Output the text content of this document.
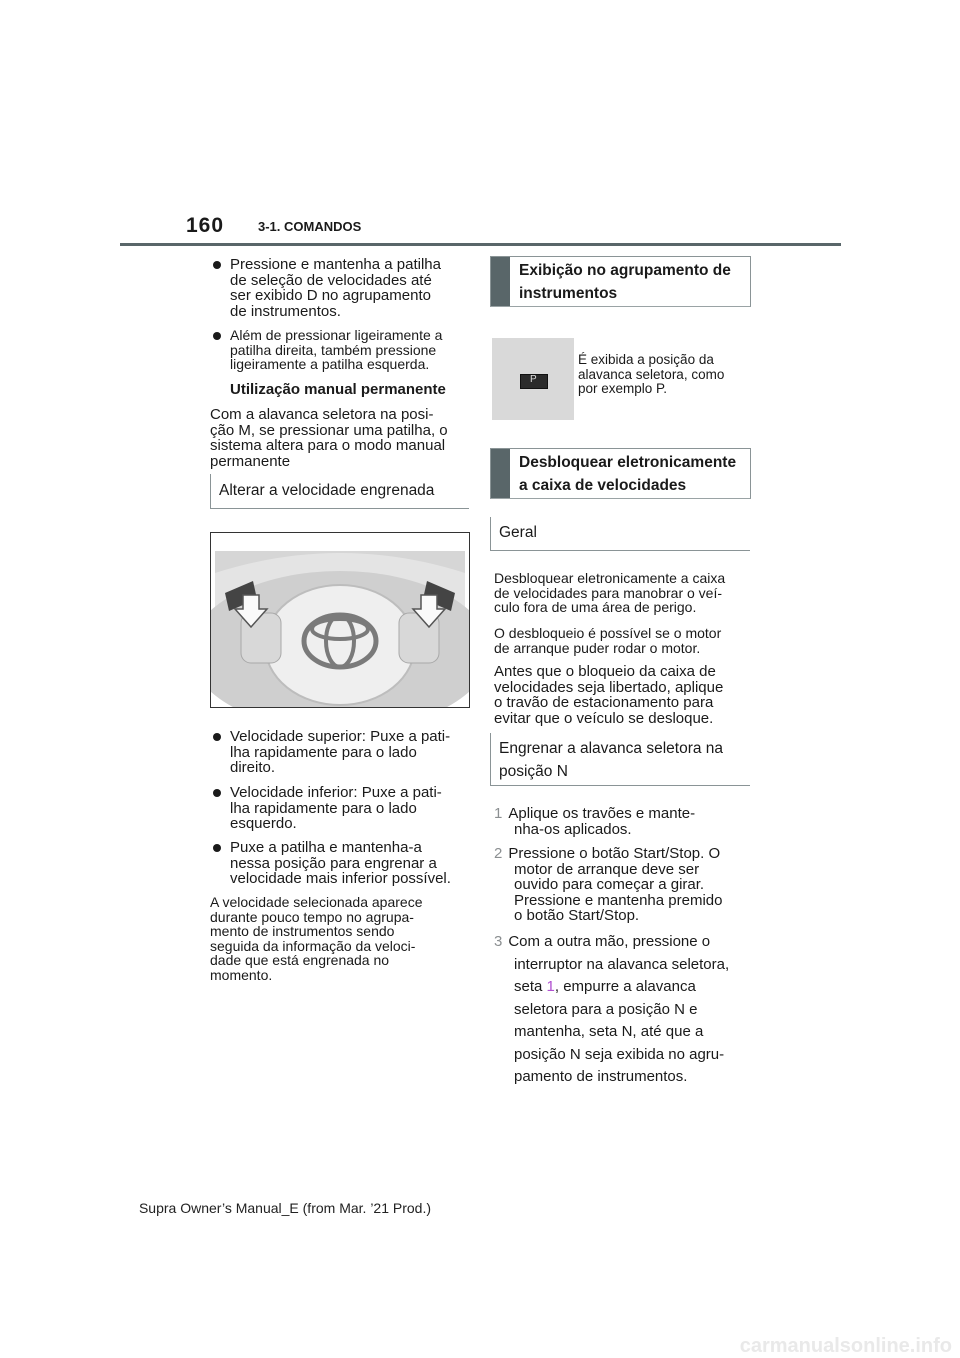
160	3-1. COMANDOS
Pressione e mantenha a patilha
de seleção de velocidades até
ser exibido D no agrupamento
de instrumentos.
Além de pressionar ligeiramente a
patilha direita, também pressione
ligeiramente a patilha esquerda.
Utilização manual permanente
Com a alavanca seletora na posi-
ção M, se pressionar uma patilha, o
sistema altera para o modo manual
permanente
Alterar a velocidade engrenada
Velocidade superior: Puxe a pati-
lha rapidamente para o lado
direito.
Velocidade inferior: Puxe a pati-
lha rapidamente para o lado
esquerdo.
Puxe a patilha e mantenha-a
nessa posição para engrenar a
velocidade mais inferior possível.
A velocidade selecionada aparece
durante pouco tempo no agrupa-
mento de instrumentos sendo
seguida da informação da veloci-
dade que está engrenada no
momento.
Exibição no agrupamento de
instrumentos
P
É exibida a posição da
alavanca seletora, como
por exemplo P.
Desbloquear eletronicamente
a caixa de velocidades
Geral
Desbloquear eletronicamente a caixa
de velocidades para manobrar o veí-
culo fora de uma área de perigo.
O desbloqueio é possível se o motor
de arranque puder rodar o motor.
Antes que o bloqueio da caixa de
velocidades seja libertado, aplique
o travão de estacionamento para
evitar que o veículo se desloque.
Engrenar a alavanca seletora na
posição N
1 Aplique os travões e mante-
nha-os aplicados.
2 Pressione o botão Start/Stop. O
motor de arranque deve ser
ouvido para começar a girar.
Pressione e mantenha premido
o botão Start/Stop.
3 Com a outra mão, pressione o
interruptor na alavanca seletora,
seta 1, empurre a alavanca
seletora para a posição N e
mantenha, seta N, até que a
posição N seja exibida no agru-
pamento de instrumentos.
Supra Owner’s Manual_E (from Mar. ’21 Prod.)
carmanualsonline.info
